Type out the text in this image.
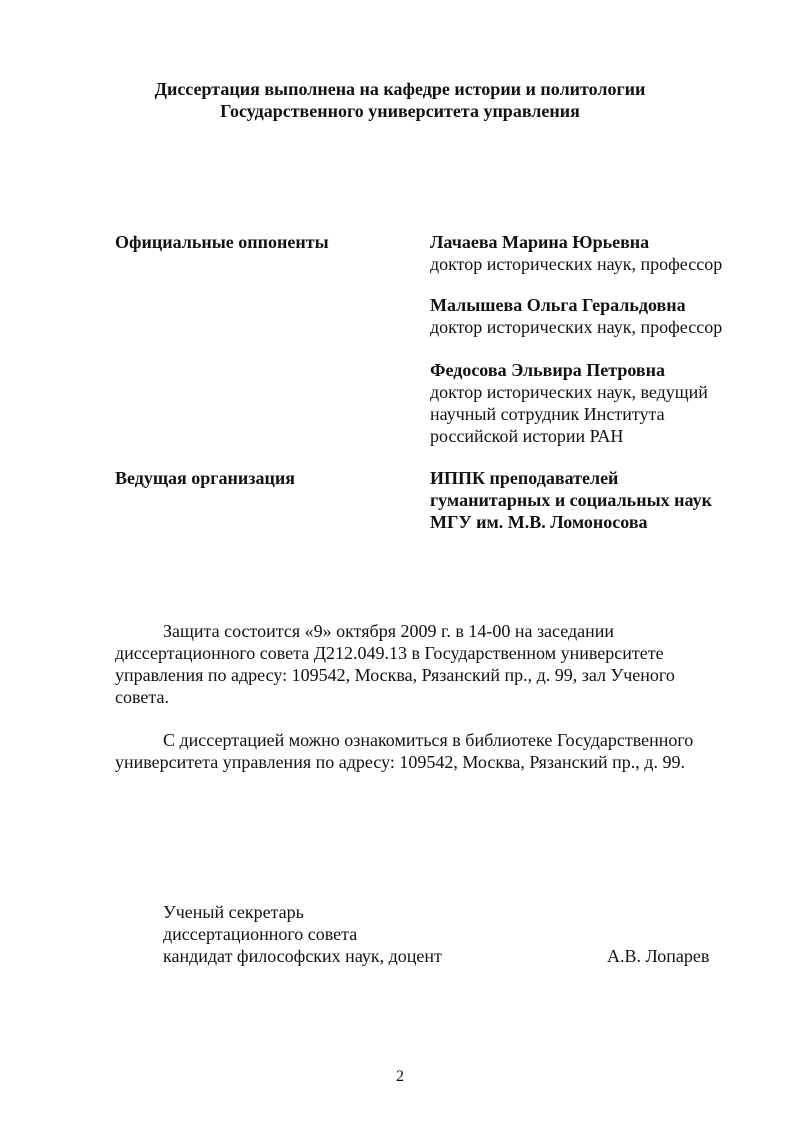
Диссертация выполнена на кафедре истории и политологии
Государственного университета управления
Официальные оппоненты	Лачаева Марина Юрьевна
доктор исторических наук, профессор
Малышева Ольга Геральдовна
доктор исторических наук, профессор
Федосова Эльвира Петровна
доктор исторических наук, ведущий
научный сотрудник Института
российской истории РАН
Ведущая организация	ИППК преподавателей
гуманитарных и социальных наук
МГУ им. М.В. Ломоносова
Защита состоится «9» октября 2009 г. в 14-00 на заседании
диссертационного совета Д212.049.13 в Государственном университете
управления по адресу: 109542, Москва, Рязанский пр., д. 99, зал Ученого
совета.
С диссертацией можно ознакомиться в библиотеке Государственного
университета управления по адресу: 109542, Москва, Рязанский пр., д. 99.
Ученый секретарь
диссертационного совета
кандидат философских наук, доцент	А.В. Лопарев
2
